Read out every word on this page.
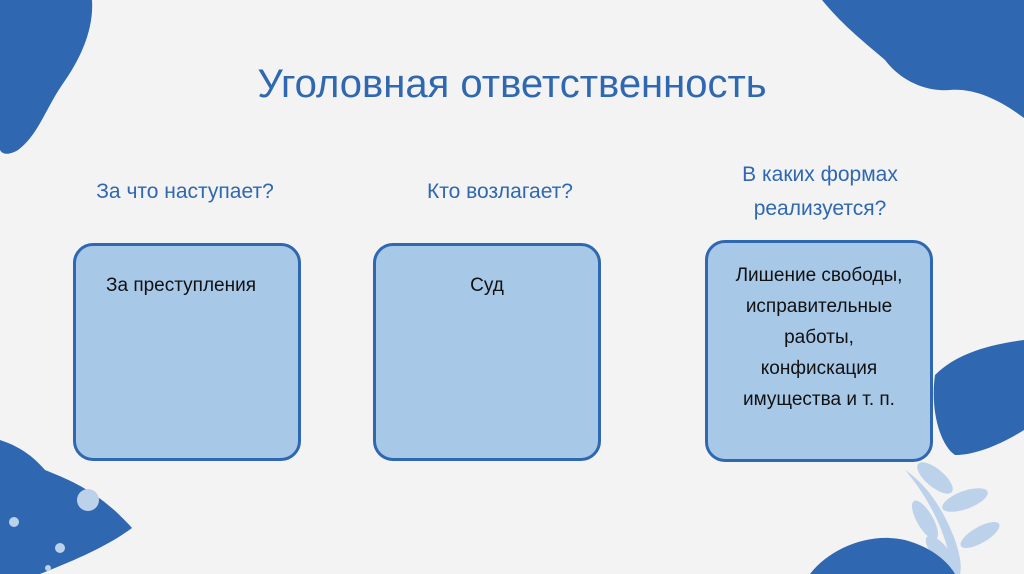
Уголовная ответственность
За что наступает?	Кто возлагает?
В каких формах реализуется?
За преступления	Суд	Лишение свободы,
исправительные
работы,
конфискация
имущества и т. п.
